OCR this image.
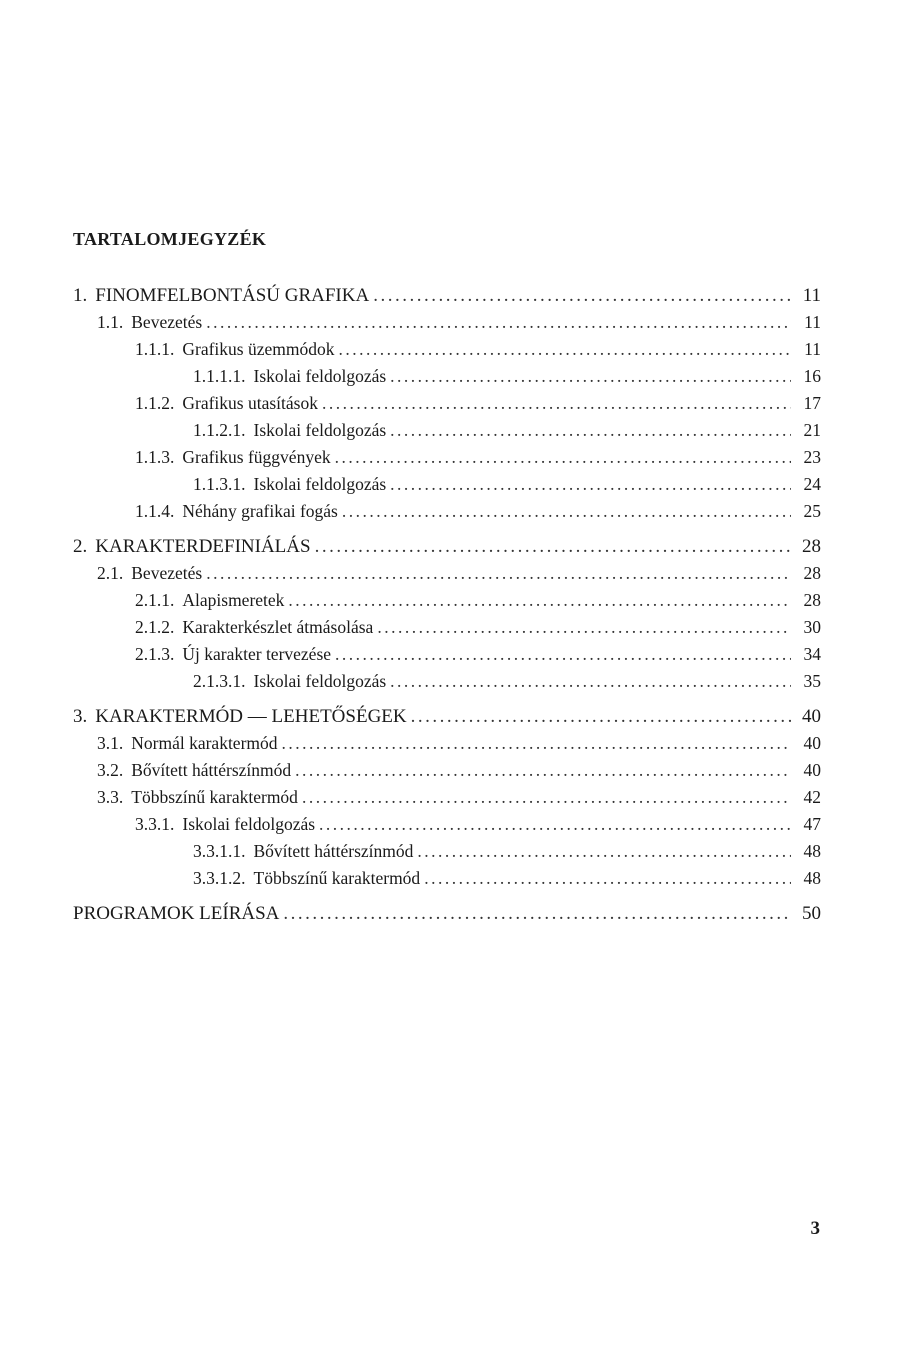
TARTALOMJEGYZÉK
1. FINOMFELBONTÁSÚ GRAFIKA .....	11
1.1. Bevezetés .....	11
1.1.1. Grafikus üzemmódok .....	11
1.1.1.1. Iskolai feldolgozás .....	16
1.1.2. Grafikus utasítások .....	17
1.1.2.1. Iskolai feldolgozás .....	21
1.1.3. Grafikus függvények .....	23
1.1.3.1. Iskolai feldolgozás .....	24
1.1.4. Néhány grafikai fogás .....	25
2. KARAKTERDEFINIÁLÁS .....	28
2.1. Bevezetés .....	28
2.1.1. Alapismeretek .....	28
2.1.2. Karakterkészlet átmásolása .....	30
2.1.3. Új karakter tervezése .....	34
2.1.3.1. Iskolai feldolgozás .....	35
3. KARAKTERMÓD — LEHETŐSÉGEK .....	40
3.1. Normál karaktermód .....	40
3.2. Bővített háttérszínmód .....	40
3.3. Többszínű karaktermód .....	42
3.3.1. Iskolai feldolgozás .....	47
3.3.1.1. Bővített háttérszínmód .....	48
3.3.1.2. Többszínű karaktermód .....	48
PROGRAMOK LEÍRÁSA .....	50
3
